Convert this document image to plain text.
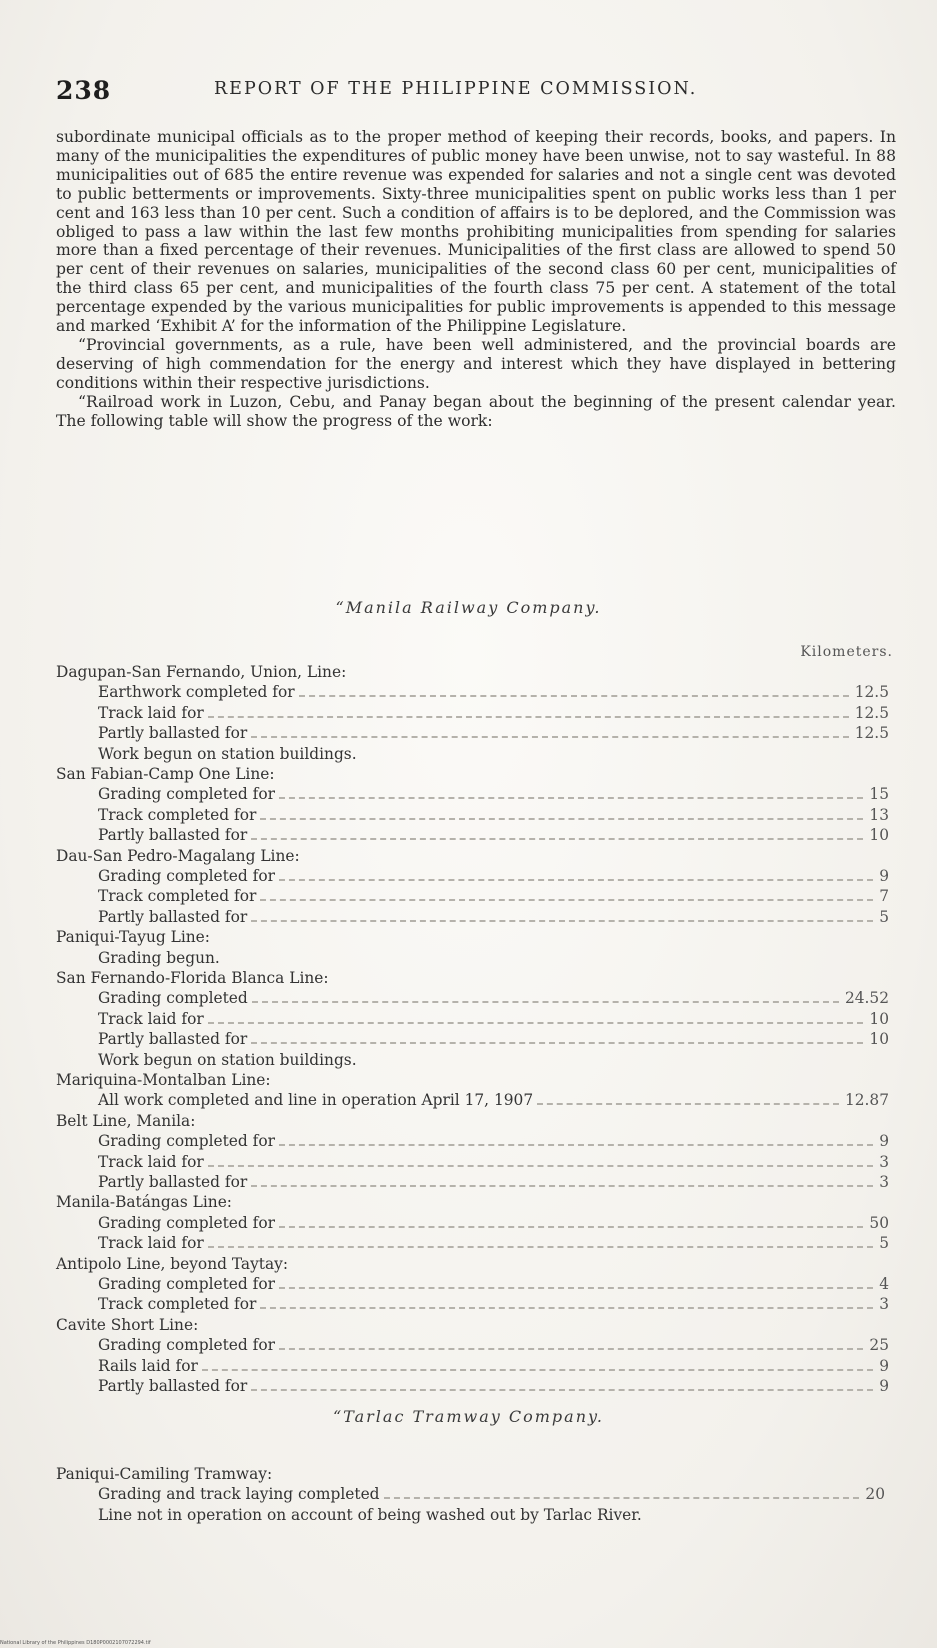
238	REPORT OF THE PHILIPPINE COMMISSION.

subordinate municipal officials as to the proper method of keeping their records, books, and papers. In many of the municipalities the expenditures of public money have been unwise, not to say wasteful. In 88 municipalities out of 685 the entire revenue was expended for salaries and not a single cent was devoted to public betterments or improvements. Sixty-three municipalities spent on public works less than 1 per cent and 163 less than 10 per cent. Such a condition of affairs is to be deplored, and the Commission was obliged to pass a law within the last few months prohibiting municipalities from spending for salaries more than a fixed percentage of their revenues. Municipalities of the first class are allowed to spend 50 per cent of their revenues on salaries, municipalities of the second class 60 per cent, municipalities of the third class 65 per cent, and municipalities of the fourth class 75 per cent. A statement of the total percentage expended by the various municipalities for public improvements is appended to this message and marked ‘Exhibit A’ for the information of the Philippine Legislature.

“Provincial governments, as a rule, have been well administered, and the provincial boards are deserving of high commendation for the energy and interest which they have displayed in bettering conditions within their respective jurisdictions.

“Railroad work in Luzon, Cebu, and Panay began about the beginning of the present calendar year. The following table will show the progress of the work:

“Manila Railway Company.
Kilometers.
Dagupan-San Fernando, Union, Line:
Earthwork completed for	12.5
Track laid for	12.5
Partly ballasted for	12.5
Work begun on station buildings.
San Fabian-Camp One Line:
Grading completed for	15
Track completed for	13
Partly ballasted for	10
Dau-San Pedro-Magalang Line:
Grading completed for	9
Track completed for	7
Partly ballasted for	5
Paniqui-Tayug Line:
Grading begun.
San Fernando-Florida Blanca Line:
Grading completed	24.52
Track laid for	10
Partly ballasted for	10
Work begun on station buildings.
Mariquina-Montalban Line:
All work completed and line in operation April 17, 1907	12.87
Belt Line, Manila:
Grading completed for	9
Track laid for	3
Partly ballasted for	3
Manila-Batángas Line:
Grading completed for	50
Track laid for	5
Antipolo Line, beyond Taytay:
Grading completed for	4
Track completed for	3
Cavite Short Line:
Grading completed for	25
Rails laid for	9
Partly ballasted for	9
“Tarlac Tramway Company.
Paniqui-Camiling Tramway:
Grading and track laying completed	20
Line not in operation on account of being washed out by Tarlac River.
National Library of the Philippines D180P0002107072294.tif
